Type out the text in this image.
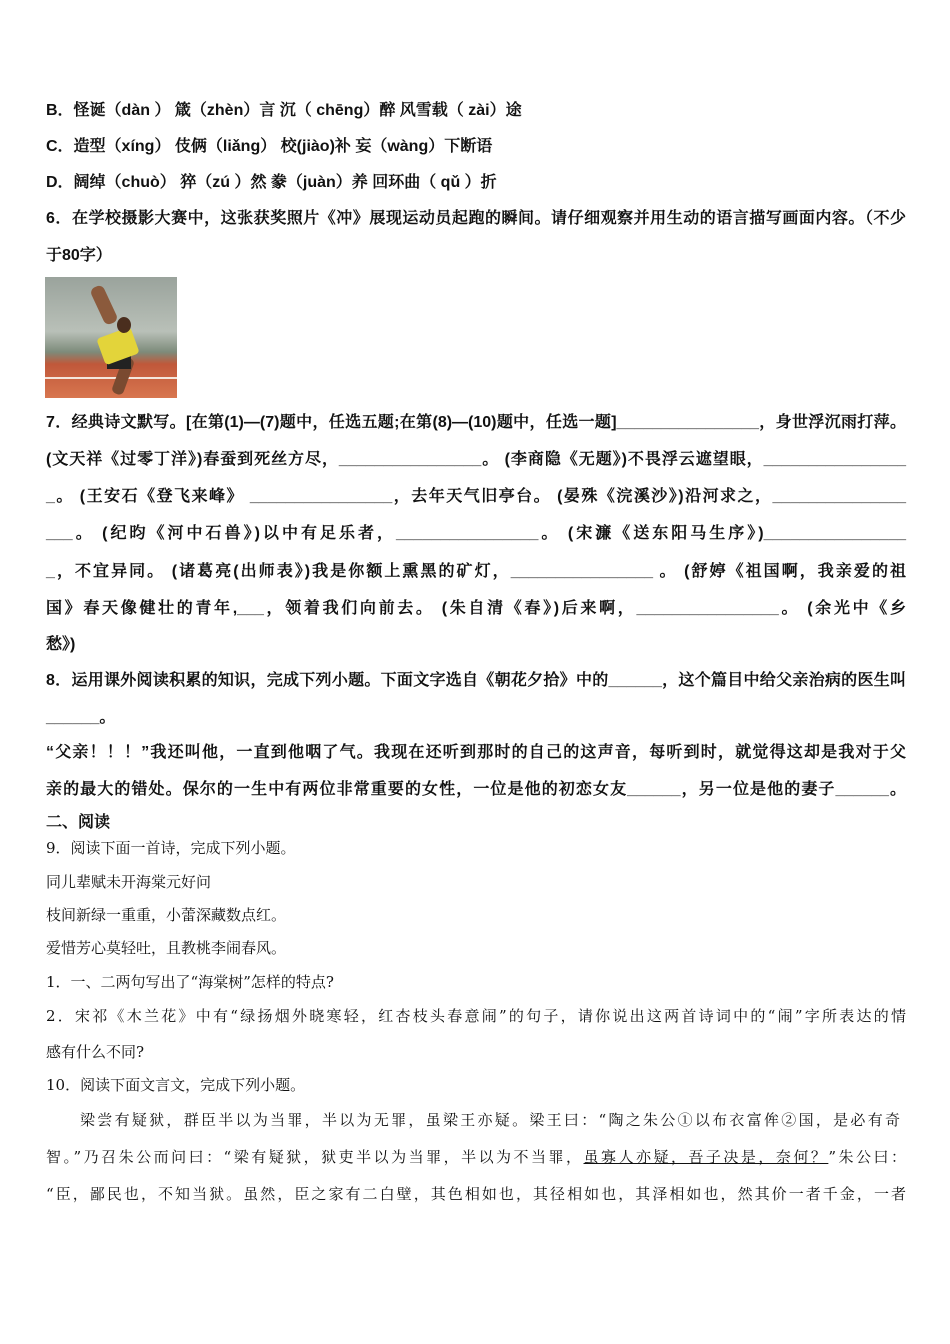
B．怪诞（dàn ） 箴（zhèn）言 沉（ chēng）醉 风雪载（ zài）途
C．造型（xíng） 伎俩（liǎng） 校(jiào)补 妄（wàng）下断语
D．阔绰（chuò） 猝（zú ）然 豢（juàn）养 回环曲（ qǔ ）折
6．在学校摄影大赛中，这张获奖照片《冲》展现运动员起跑的瞬间。请仔细观察并用生动的语言描写画面内容。（不少
于80字）
7．经典诗文默写。[在第(1)—(7)题中，任选五题;在第(8)—(10)题中，任选一题]________________，身世浮沉雨打萍。
(文天祥《过零丁洋》)春蚕到死丝方尽，________________。 (李商隐《无题》)不畏浮云遮望眼，________________
_。 (王安石《登飞来峰》 ________________，去年天气旧亭台。 (晏殊《浣溪沙》)沿河求之，_______________
___。 (纪昀《河中石兽》)以中有足乐者，________________。 (宋濂《送东阳马生序》)________________
_，不宜异同。 (诸葛亮(出师表》)我是你额上熏黑的矿灯，________________ 。 (舒婷《祖国啊，我亲爱的祖
国》春天像健壮的青年,___，领着我们向前去。 (朱自清《春》)后来啊，________________。 (余光中《乡
愁》)
8．运用课外阅读积累的知识，完成下列小题。下面文字选自《朝花夕拾》中的______，这个篇目中给父亲治病的医生叫
______。
“父亲！！！”我还叫他，一直到他咽了气。我现在还听到那时的自己的这声音，每听到时，就觉得这却是我对于父
亲的最大的错处。保尔的一生中有两位非常重要的女性，一位是他的初恋女友______，另一位是他的妻子______。
二、阅读
9．阅读下面一首诗，完成下列小题。
同儿辈赋未开海棠元好问
枝间新绿一重重，小蕾深藏数点红。
爱惜芳心莫轻吐，且教桃李闹春风。
1．一、二两句写出了“海棠树”怎样的特点?
2．宋祁《木兰花》中有“绿扬烟外晓寒轻，红杏枝头春意闹”的句子，请你说出这两首诗词中的“闹”字所表达的情
感有什么不同?
10．阅读下面文言文，完成下列小题。
梁尝有疑狱，群臣半以为当罪，半以为无罪，虽梁王亦疑。梁王曰：“陶之朱公①以布衣富侔②国，是必有奇
智。”乃召朱公而问曰：“梁有疑狱，狱吏半以为当罪，半以为不当罪，虽寡人亦疑，吾子决是，奈何？”朱公曰：
“臣，鄙民也，不知当狱。虽然，臣之家有二白壁，其色相如也，其径相如也，其泽相如也，然其价一者千金，一者
